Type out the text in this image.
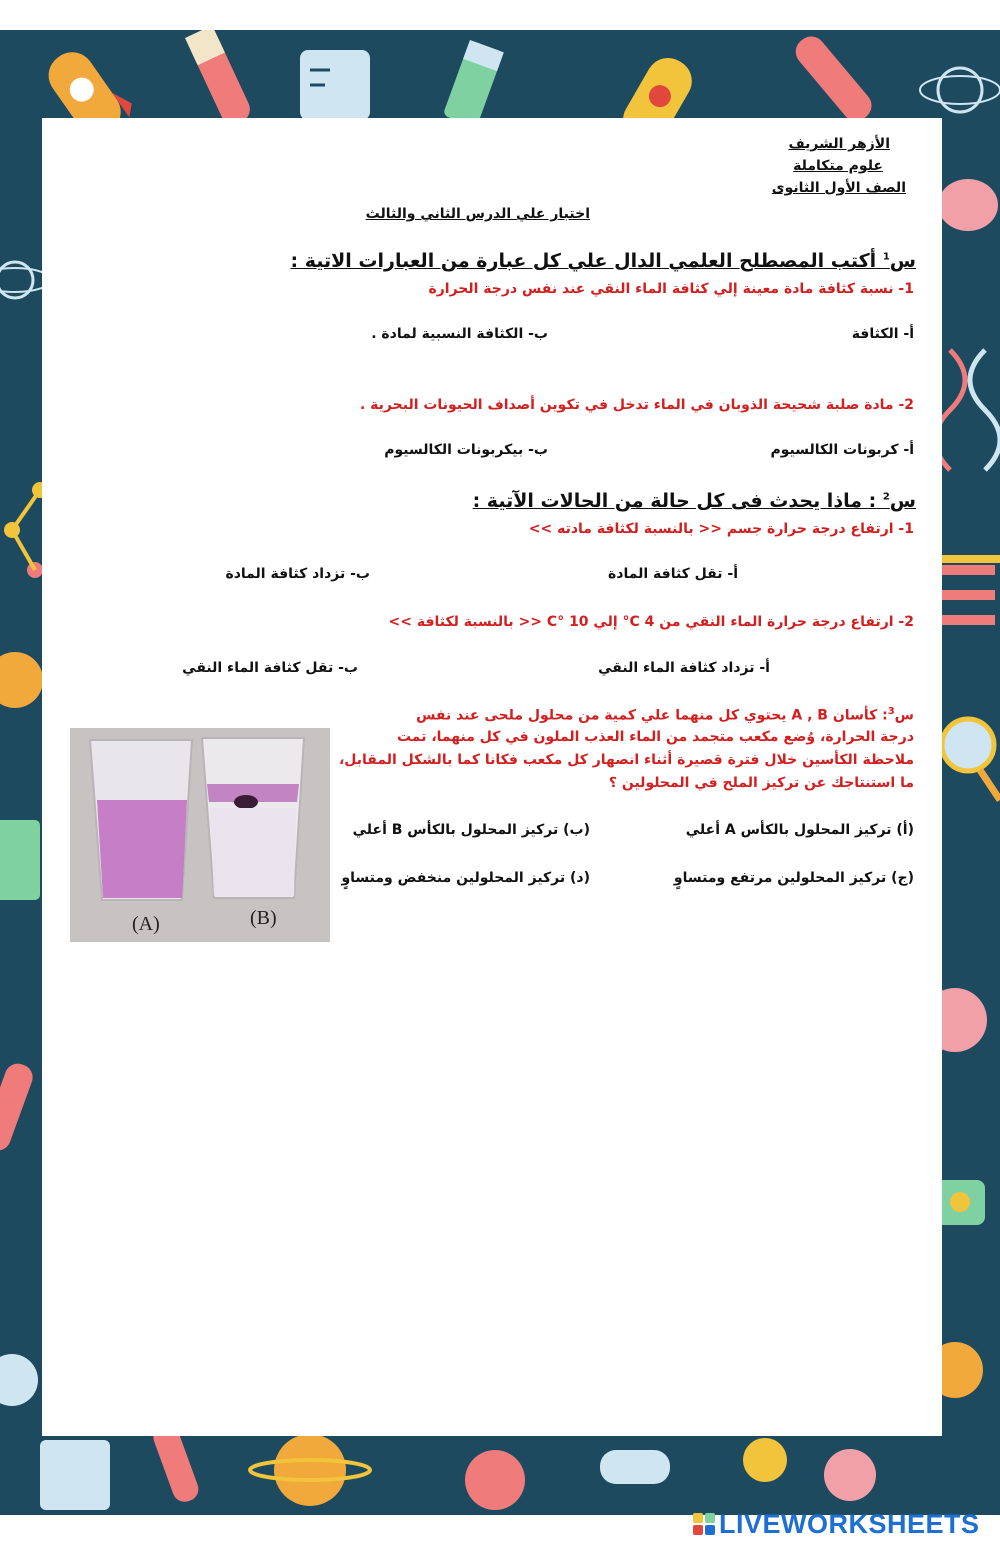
الأزهر الشريف
علوم متكاملة
الصف الأول الثانوى
اختبار علي الدرس الثاني والثالث
س$^1$ أكتب المصطلح العلمي الدال علي كل عبارة من العبارات الاتية :
1- نسبة كثافة مادة معينة إلي كثافة الماء النقي عند نفس درجة الحرارة
أ- الكثافة
ب- الكثافة النسبية لمادة .
2- مادة صلبة شحيحة الذوبان في الماء تدخل في تكوين أصداف الحيونات البحرية .
أ- كربونات الكالسيوم
ب- بيكربونات الكالسيوم
س$^2$ : ماذا يحدث فى كل حالة من الحالات الآتية :
1- ارتفاع درجة حرارة جسم << بالنسبة لكثافة مادته >>
أ- تقل كثافة المادة
ب- تزداد كثافة المادة
2- ارتفاع درجة حرارة الماء النقي من 4 C° إلي 10 °C << بالنسبة لكثافة >>
أ- تزداد كثافة الماء النقي
ب- تقل كثافة الماء النقي
س$^3$: كأسان A , B يحتوي كل منهما علي كمية من محلول ملحى عند نفس
درجة الحرارة، وُضع مكعب متجمد من الماء العذب الملون في كل منهما، تمت
ملاحظة الكأسين خلال فترة قصيرة أثناء انصهار كل مكعب فكانا كما بالشكل المقابل،
ما استنتاجك عن تركيز الملح في المحلولين ؟
(أ) تركيز المحلول بالكأس A أعلي
(ب) تركيز المحلول بالكأس B أعلي
(ج) تركيز المحلولين مرتفع ومتساوٍ
(د) تركيز المحلولين منخفض ومتساوٍ
(A)	(B)
LIVEWORKSHEETS
